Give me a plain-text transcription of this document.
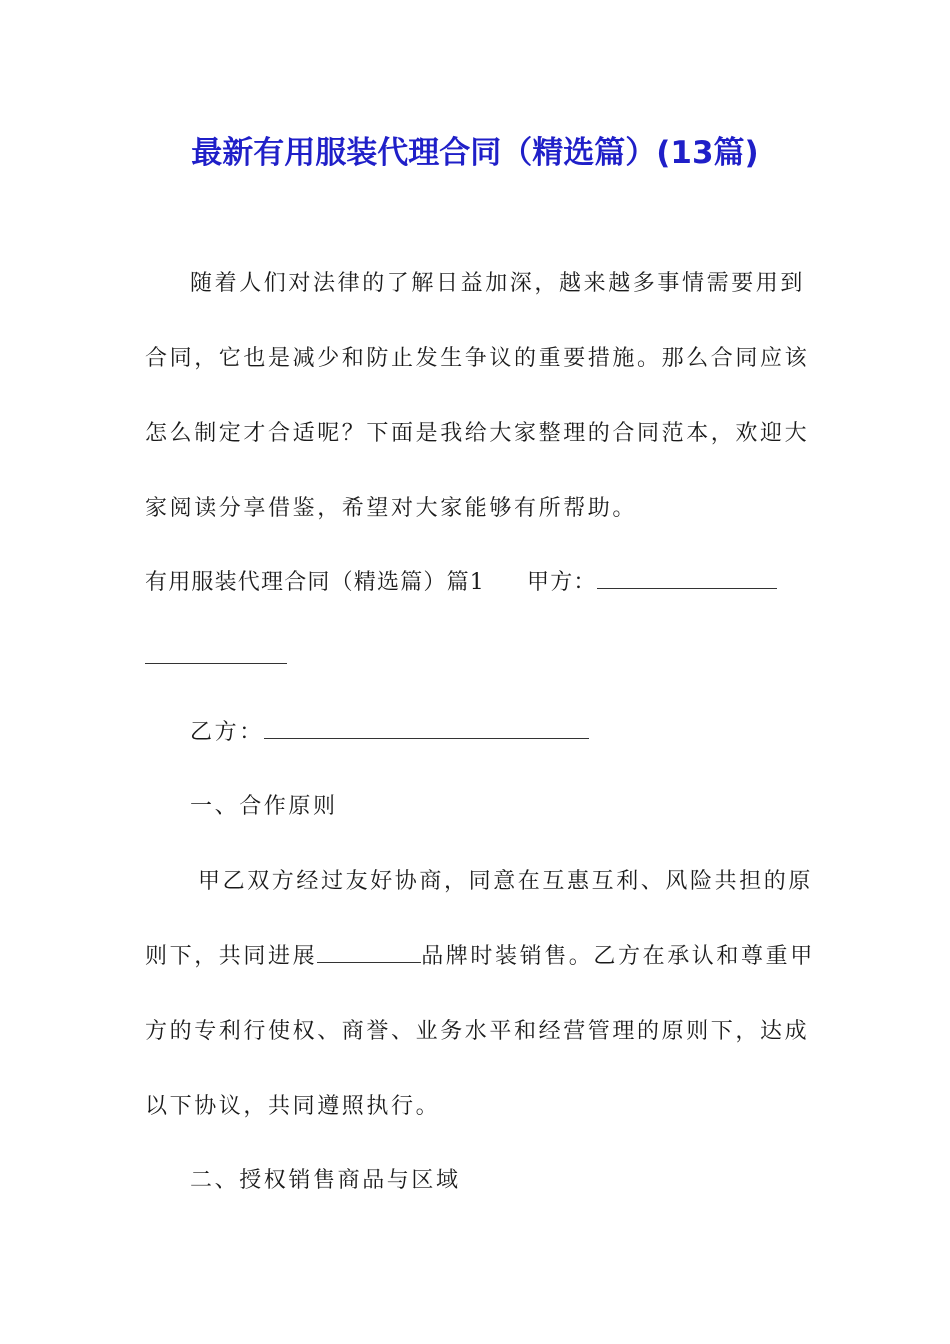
最新有用服装代理合同（精选篇）(13篇)
随着人们对法律的了解日益加深，越来越多事情需要用到
合同，它也是减少和防止发生争议的重要措施。那么合同应该
怎么制定才合适呢？下面是我给大家整理的合同范本，欢迎大
家阅读分享借鉴，希望对大家能够有所帮助。
有用服装代理合同（精选篇）篇1 甲方：
乙方：
一、合作原则
甲乙双方经过友好协商，同意在互惠互利、风险共担的原
则下，共同进展	品牌时装销售。乙方在承认和尊重甲
方的专利行使权、商誉、业务水平和经营管理的原则下，达成
以下协议，共同遵照执行。
二、授权销售商品与区域
